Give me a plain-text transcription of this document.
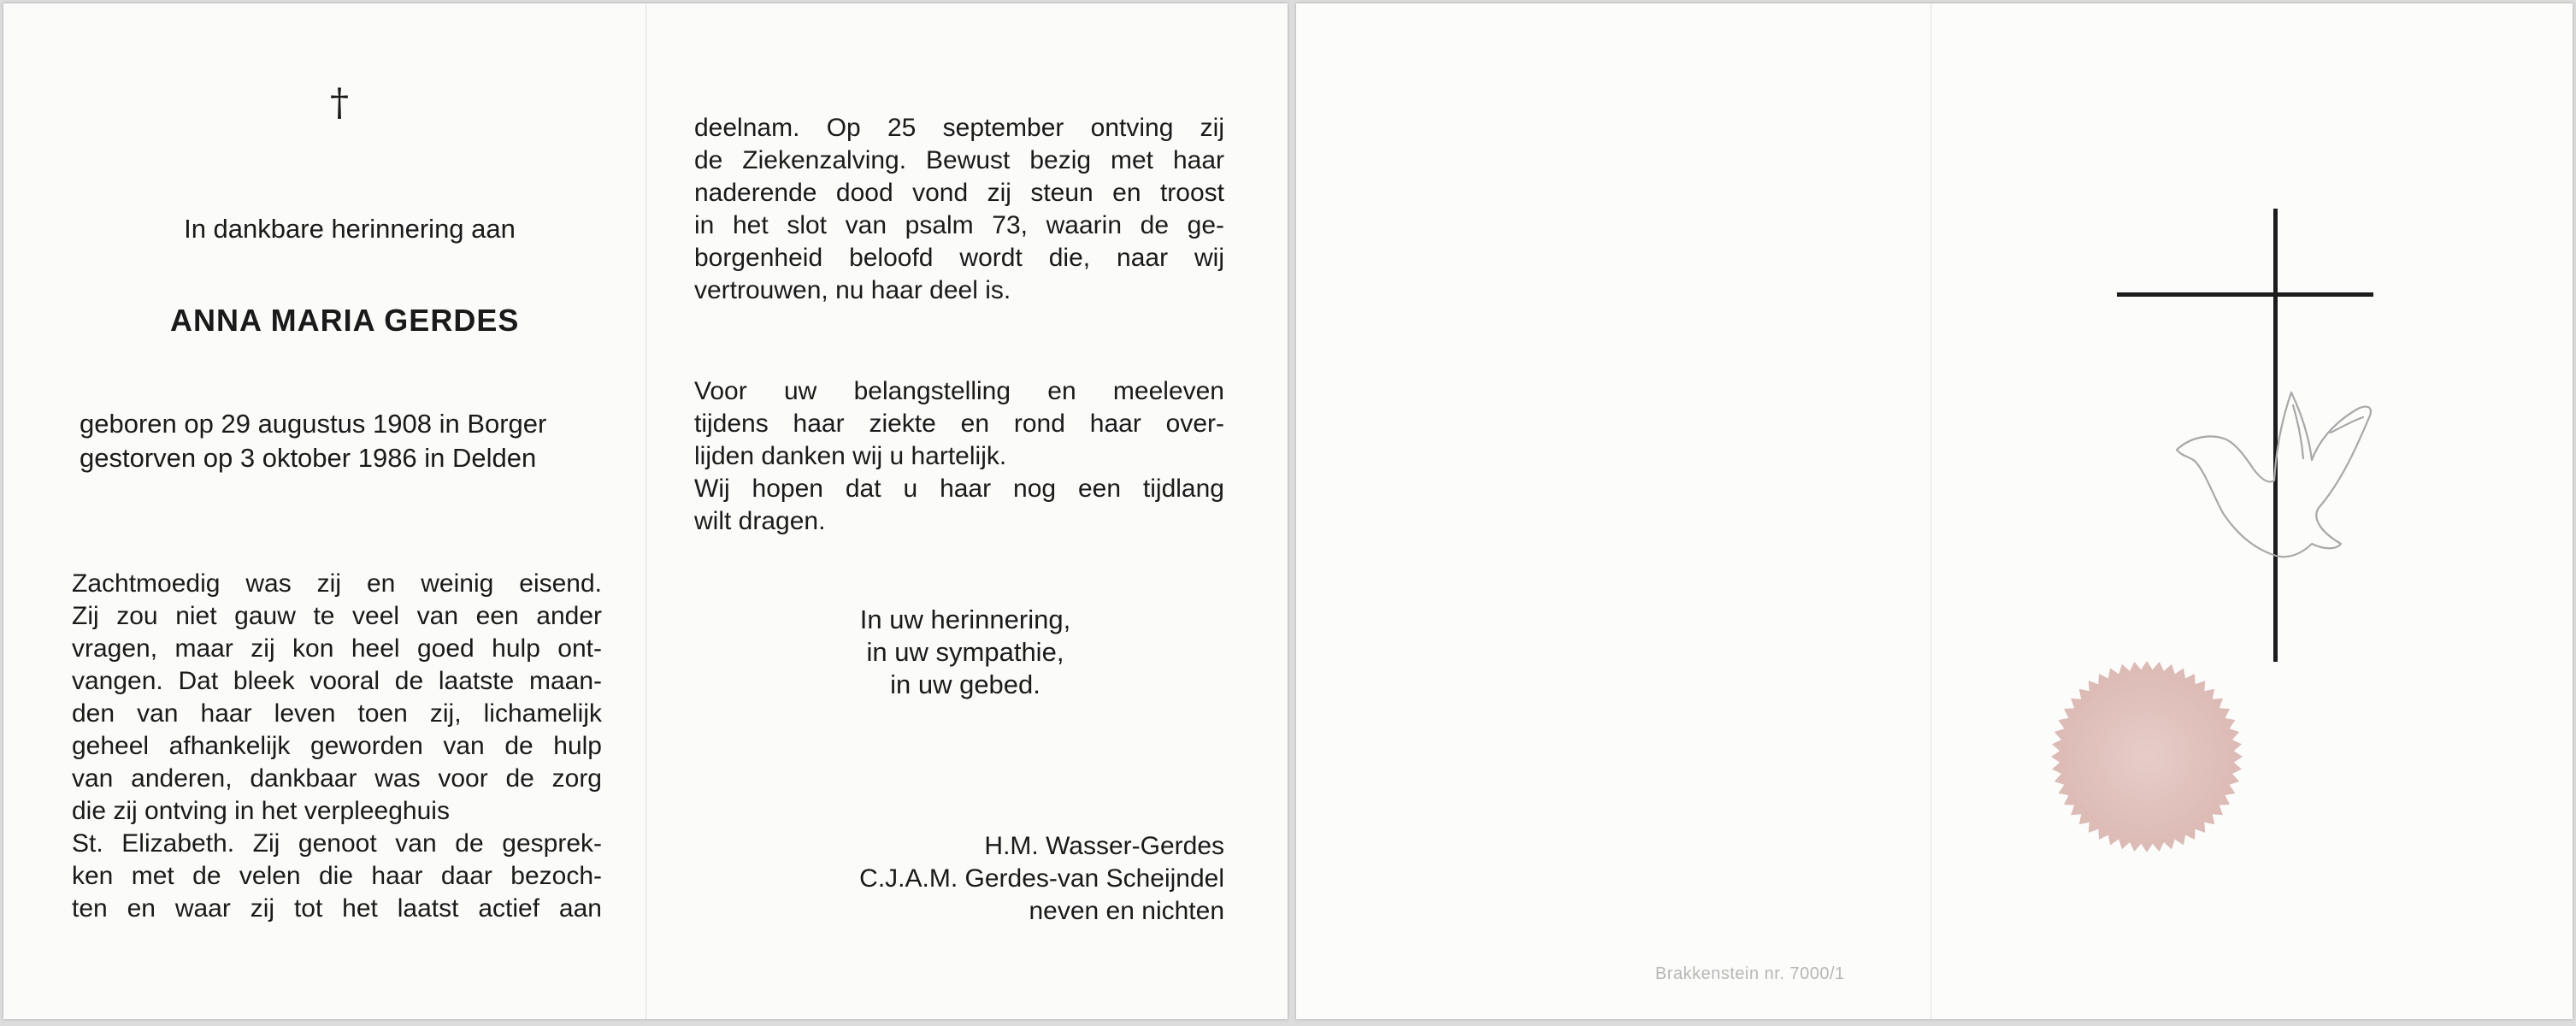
†
In dankbare herinnering aan
ANNA MARIA GERDES
geboren op 29 augustus 1908 in Borger
gestorven op 3 oktober 1986 in Delden
Zachtmoedig was zij en weinig eisend.
Zij zou niet gauw te veel van een ander
vragen, maar zij kon heel goed hulp ont-
vangen. Dat bleek vooral de laatste maan-
den van haar leven toen zij, lichamelijk
geheel afhankelijk geworden van de hulp
van anderen, dankbaar was voor de zorg
die zij ontving in het verpleeghuis
St. Elizabeth. Zij genoot van de gesprek-
ken met de velen die haar daar bezoch-
ten en waar zij tot het laatst actief aan
deelnam. Op 25 september ontving zij
de Ziekenzalving. Bewust bezig met haar
naderende dood vond zij steun en troost
in het slot van psalm 73, waarin de ge-
borgenheid beloofd wordt die, naar wij
vertrouwen, nu haar deel is.
Voor uw belangstelling en meeleven
tijdens haar ziekte en rond haar over-
lijden danken wij u hartelijk.
Wij hopen dat u haar nog een tijdlang
wilt dragen.
In uw herinnering,
in uw sympathie,
in uw gebed.
H.M. Wasser-Gerdes
C.J.A.M. Gerdes-van Scheijndel
neven en nichten
Brakkenstein nr. 7000/1
